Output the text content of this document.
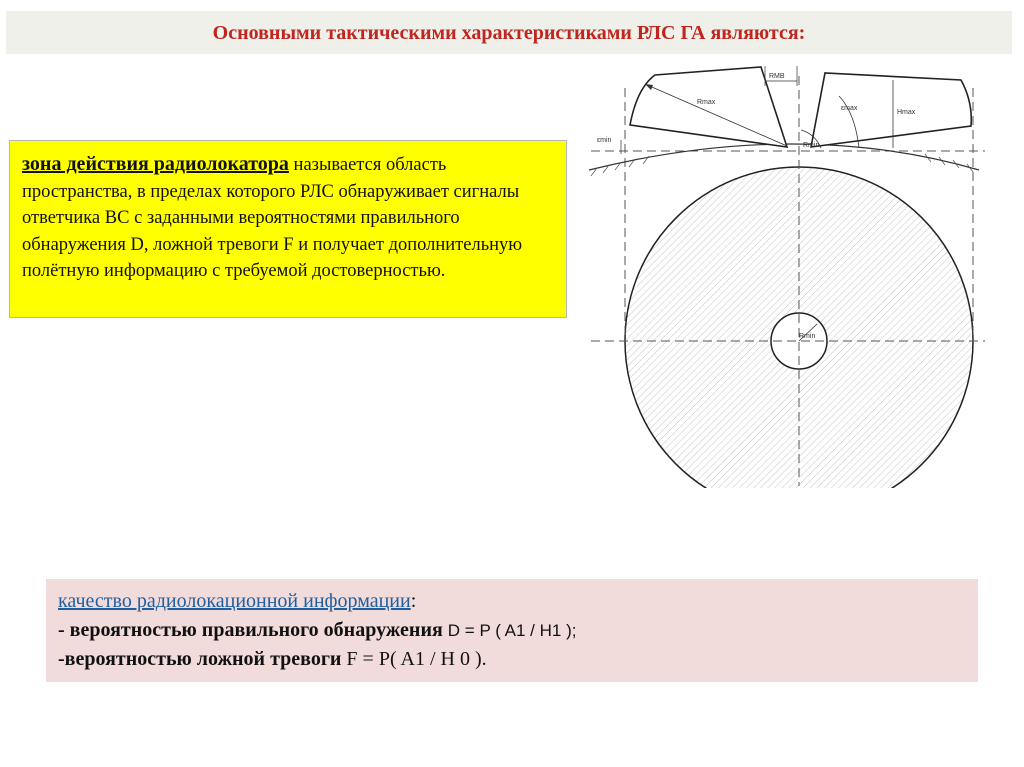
Основными тактическими характеристиками РЛС ГА являются:
зона действия радиолокатора называется область пространства, в пределах которого РЛС обнаруживает сигналы ответчика ВС с заданными вероятностями правильного обнаружения D, ложной тревоги F и получает дополнительную полётную информацию с требуемой достоверностью.
Rmax
RМВ
εmax
Hmax
εmin
Rmin
Rmin
качество радиолокационной информации:
- вероятностью правильного обнаружения D = P ( A1 / H1 );
-вероятностью ложной тревоги F = P( A1 / H 0 ).
